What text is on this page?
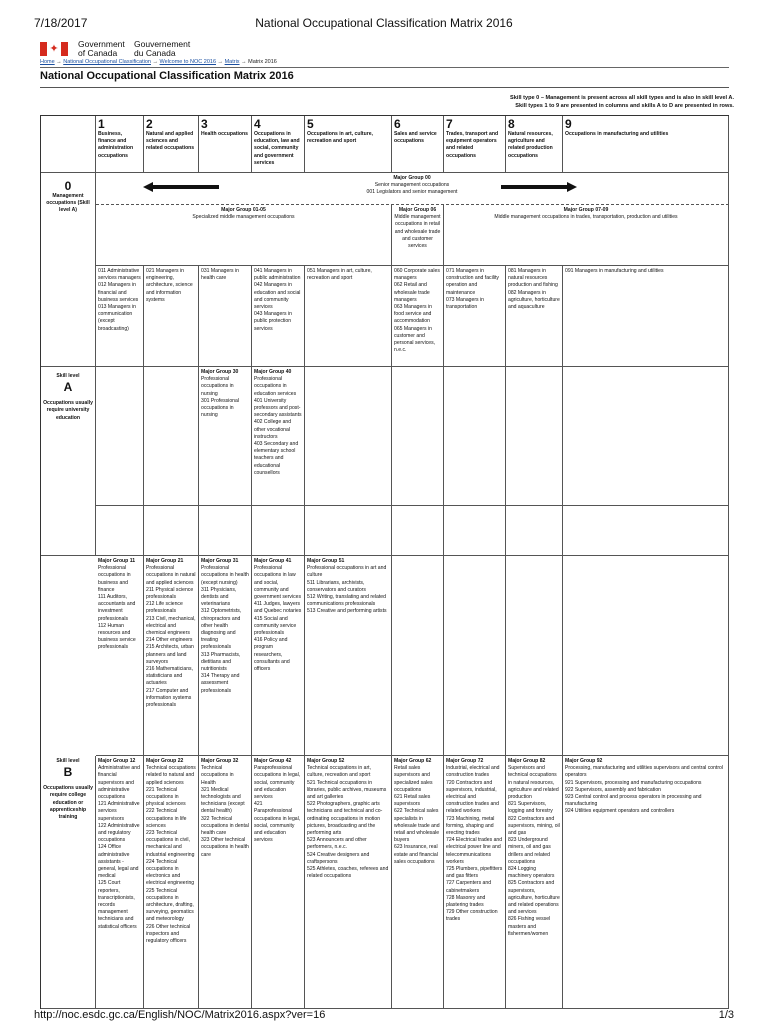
7/18/2017	National Occupational Classification Matrix 2016
✦ Government
of Canada
Gouvernement
du Canada
Home → National Occupational Classification → Welcome to NOC 2016 → Matrix → Matrix 2016
National Occupational Classification Matrix 2016
Skill type 0 – Management is present across all skill types and is also in skill level A.
Skill types 1 to 9 are presented in columns and skills A to D are presented in rows.
1
Business, finance and administration occupations
2
Natural and applied sciences and related occupations
3
Health occupations
4
Occupations in education, law and social, community and government services
5
Occupations in art, culture, recreation and sport
6
Sales and service occupations
7
Trades, transport and equipment operators and related occupations
8
Natural resources, agriculture and related production occupations
9
Occupations in manufacturing and utilities
0
Management occupations (Skill level A)
Major Group 00
Senior management occupations
001 Legislators and senior management
Major Group 01-05
Specialized middle management occupations
Major Group 06
Middle management occupations in retail and wholesale trade and customer services
Major Group 07-09
Middle management occupations in trades, transportation, production and utilities
011 Administrative services managers
012 Managers in financial and business services
013 Managers in communication (except broadcasting)
021 Managers in engineering, architecture, science and information systems
031 Managers in health care
041 Managers in public administration
042 Managers in education and social and community services
043 Managers in public protection services
051 Managers in art, culture, recreation and sport
060 Corporate sales managers
062 Retail and wholesale trade managers
063 Managers in food service and accommodation
065 Managers in customer and personal services, n.e.c.
071 Managers in construction and facility operation and maintenance
073 Managers in transportation
081 Managers in natural resources production and fishing
082 Managers in agriculture, horticulture and aquaculture
091 Managers in manufacturing and utilities
Skill level
A
Occupations usually require university education
Major Group 30
Professional occupations in nursing
301 Professional occupations in nursing
Major Group 40
Professional occupations in education services
401 University professors and post-secondary assistants
402 College and other vocational instructors
403 Secondary and elementary school teachers and educational counsellors
Major Group 11
Professional occupations in business and finance
111 Auditors, accountants and investment professionals
112 Human resources and business service professionals
Major Group 21
Professional occupations in natural and applied sciences
211 Physical science professionals
212 Life science professionals
213 Civil, mechanical, electrical and chemical engineers
214 Other engineers
215 Architects, urban planners and land surveyors
216 Mathematicians, statisticians and actuaries
217 Computer and information systems professionals
Major Group 31
Professional occupations in health (except nursing)
311 Physicians, dentists and veterinarians
312 Optometrists, chiropractors and other health diagnosing and treating professionals
313 Pharmacists, dietitians and nutritionists
314 Therapy and assessment professionals
Major Group 41
Professional occupations in law and social, community and government services
411 Judges, lawyers and Quebec notaries
415 Social and community service professionals
416 Policy and program researchers, consultants and officers
Major Group 51
Professional occupations in art and culture
511 Librarians, archivists, conservators and curators
512 Writing, translating and related communications professionals
513 Creative and performing artists
Skill level
B
Occupations usually require college education or apprenticeship training
Major Group 12
Administrative and financial supervisors and administrative occupations
121 Administrative services supervisors
122 Administrative and regulatory occupations
124 Office administrative assistants - general, legal and medical
125 Court reporters, transcriptionists, records management technicians and statistical officers
Major Group 22
Technical occupations related to natural and applied sciences
221 Technical occupations in physical sciences
222 Technical occupations in life sciences
223 Technical occupations in civil, mechanical and industrial engineering
224 Technical occupations in electronics and electrical engineering
225 Technical occupations in architecture, drafting, surveying, geomatics and meteorology
226 Other technical inspectors and regulatory officers
Major Group 32
Technical occupations in Health
321 Medical technologists and technicians (except dental health)
322 Technical occupations in dental health care
323 Other technical occupations in health care
Major Group 42
Paraprofessional occupations in legal, social, community and education services
421 Paraprofessional occupations in legal, social, community and education services
Major Group 52
Technical occupations in art, culture, recreation and sport
521 Technical occupations in libraries, public archives, museums and art galleries
522 Photographers, graphic arts technicians and technical and co-ordinating occupations in motion pictures, broadcasting and the performing arts
523 Announcers and other performers, n.e.c.
524 Creative designers and craftspersons
525 Athletes, coaches, referees and related occupations
Major Group 62
Retail sales supervisors and specialized sales occupations
621 Retail sales supervisors
622 Technical sales specialists in wholesale trade and retail and wholesale buyers
623 Insurance, real estate and financial sales occupations
Major Group 72
Industrial, electrical and construction trades
720 Contractors and supervisors, industrial, electrical and construction trades and related workers
723 Machining, metal forming, shaping and erecting trades
724 Electrical trades and electrical power line and telecommunications workers
725 Plumbers, pipefitters and gas fitters
727 Carpenters and cabinetmakers
728 Masonry and plastering trades
729 Other construction trades
Major Group 82
Supervisors and technical occupations in natural resources, agriculture and related production
821 Supervisors, logging and forestry
822 Contractors and supervisors, mining, oil and gas
823 Underground miners, oil and gas drillers and related occupations
824 Logging machinery operators
825 Contractors and supervisors, agriculture, horticulture and related operations and services
826 Fishing vessel masters and fishermen/women
Major Group 92
Processing, manufacturing and utilities supervisors and central control operators
921 Supervisors, processing and manufacturing occupations
922 Supervisors, assembly and fabrication
923 Central control and process operators in processing and manufacturing
924 Utilities equipment operators and controllers
http://noc.esdc.gc.ca/English/NOC/Matrix2016.aspx?ver=16	1/3
